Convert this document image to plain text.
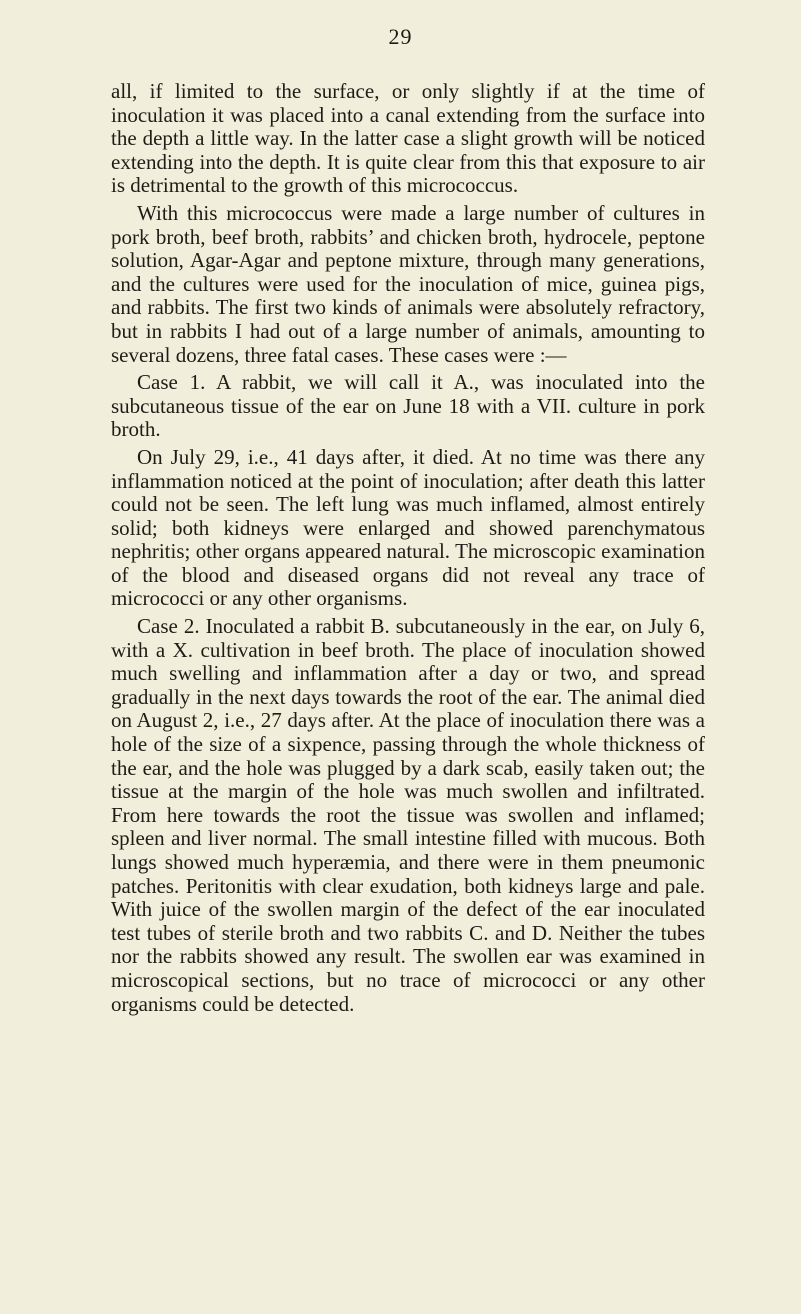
29

all, if limited to the surface, or only slightly if at the time of inoculation it was placed into a canal extending from the surface into the depth a little way. In the latter case a slight growth will be noticed extending into the depth. It is quite clear from this that exposure to air is detrimental to the growth of this micrococcus.

With this micrococcus were made a large number of cultures in pork broth, beef broth, rabbits’ and chicken broth, hydrocele, peptone solution, Agar-Agar and peptone mixture, through many generations, and the cultures were used for the inoculation of mice, guinea pigs, and rabbits. The first two kinds of animals were absolutely refractory, but in rabbits I had out of a large number of animals, amounting to several dozens, three fatal cases. These cases were :—

Case 1. A rabbit, we will call it A., was inoculated into the subcutaneous tissue of the ear on June 18 with a VII. culture in pork broth.

On July 29, i.e., 41 days after, it died. At no time was there any inflammation noticed at the point of inoculation; after death this latter could not be seen. The left lung was much inflamed, almost entirely solid; both kidneys were enlarged and showed parenchymatous nephritis; other organs appeared natural. The microscopic examination of the blood and diseased organs did not reveal any trace of micrococci or any other organisms.

Case 2. Inoculated a rabbit B. subcutaneously in the ear, on July 6, with a X. cultivation in beef broth. The place of inoculation showed much swelling and inflammation after a day or two, and spread gradually in the next days towards the root of the ear. The animal died on August 2, i.e., 27 days after. At the place of inoculation there was a hole of the size of a sixpence, passing through the whole thickness of the ear, and the hole was plugged by a dark scab, easily taken out; the tissue at the margin of the hole was much swollen and infiltrated. From here towards the root the tissue was swollen and inflamed; spleen and liver normal. The small intestine filled with mucous. Both lungs showed much hyperæmia, and there were in them pneumonic patches. Peritonitis with clear exudation, both kidneys large and pale. With juice of the swollen margin of the defect of the ear inoculated test tubes of sterile broth and two rabbits C. and D. Neither the tubes nor the rabbits showed any result. The swollen ear was examined in microscopical sections, but no trace of micrococci or any other organisms could be detected.
